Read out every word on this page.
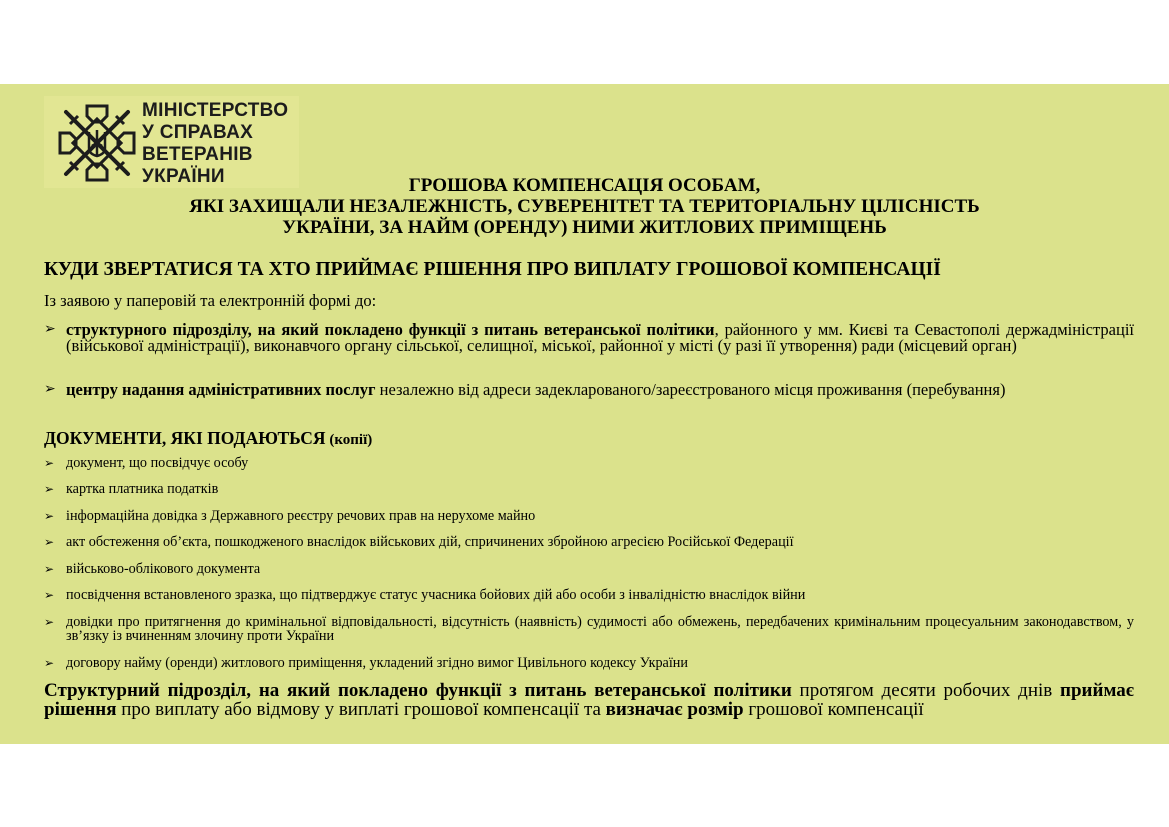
МІНІСТЕРСТВО
У СПРАВАХ
ВЕТЕРАНІВ
УКРАЇНИ	ГРОШОВА КОМПЕНСАЦІЯ ОСОБАМ,
ЯКІ ЗАХИЩАЛИ НЕЗАЛЕЖНІСТЬ, СУВЕРЕНІТЕТ ТА ТЕРИТОРІАЛЬНУ ЦІЛІСНІСТЬ
УКРАЇНИ, ЗА НАЙМ (ОРЕНДУ) НИМИ ЖИТЛОВИХ ПРИМІЩЕНЬ
КУДИ ЗВЕРТАТИСЯ ТА ХТО ПРИЙМАЄ РІШЕННЯ ПРО ВИПЛАТУ ГРОШОВОЇ КОМПЕНСАЦІЇ
Із заявою у паперовій та електронній формі до:
➢ структурного підрозділу, на який покладено функції з питань ветеранської політики, районного у мм. Києві та Севастополі держадміністрації (військової адміністрації), виконавчого органу сільської, селищної, міської, районної у місті (у разі її утворення) ради (місцевий орган)
➢ центру надання адміністративних послуг незалежно від адреси задекларованого/зареєстрованого місця проживання (перебування)
ДОКУМЕНТИ, ЯКІ ПОДАЮТЬСЯ (копії)
➢ документ, що посвідчує особу
➢ картка платника податків
➢ інформаційна довідка з Державного реєстру речових прав на нерухоме майно
➢ акт обстеження об’єкта, пошкодженого внаслідок військових дій, спричинених збройною агресією Російської Федерації
➢ військово-облікового документа
➢ посвідчення встановленого зразка, що підтверджує статус учасника бойових дій або особи з інвалідністю внаслідок війни
➢ довідки про притягнення до кримінальної відповідальності, відсутність (наявність) судимості або обмежень, передбачених кримінальним процесуальним законодавством, у зв’язку із вчиненням злочину проти України
➢ договору найму (оренди) житлового приміщення, укладений згідно вимог Цивільного кодексу України
Структурний підрозділ, на який покладено функції з питань ветеранської політики протягом десяти робочих днів приймає рішення про виплату або відмову у виплаті грошової компенсації та визначає розмір грошової компенсації
